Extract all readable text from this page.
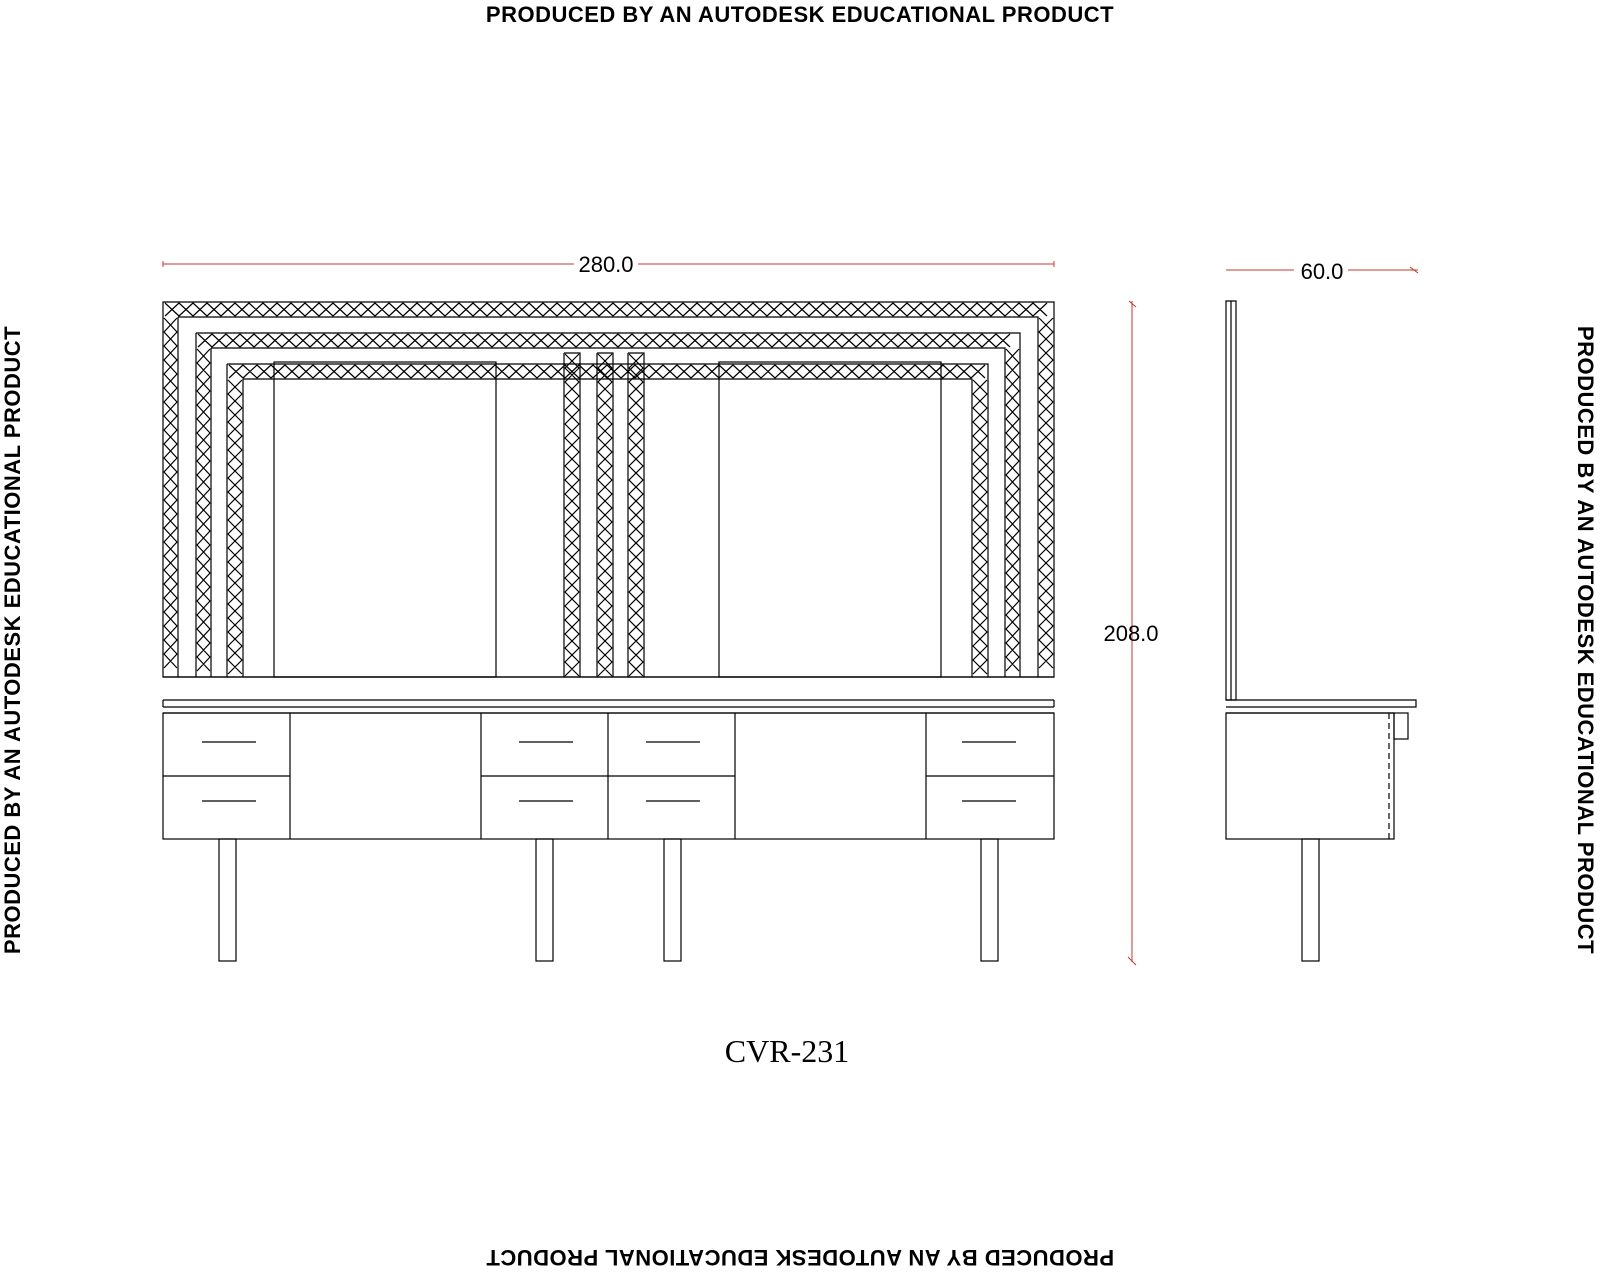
PRODUCED BY AN AUTODESK EDUCATIONAL PRODUCT
PRODUCED BY AN AUTODESK EDUCATIONAL PRODUCT
PRODUCED BY AN AUTODESK EDUCATIONAL PRODUCT	PRODUCED BY AN AUTODESK EDUCATIONAL PRODUCT
280.0	60.0
208.0
CVR-231
